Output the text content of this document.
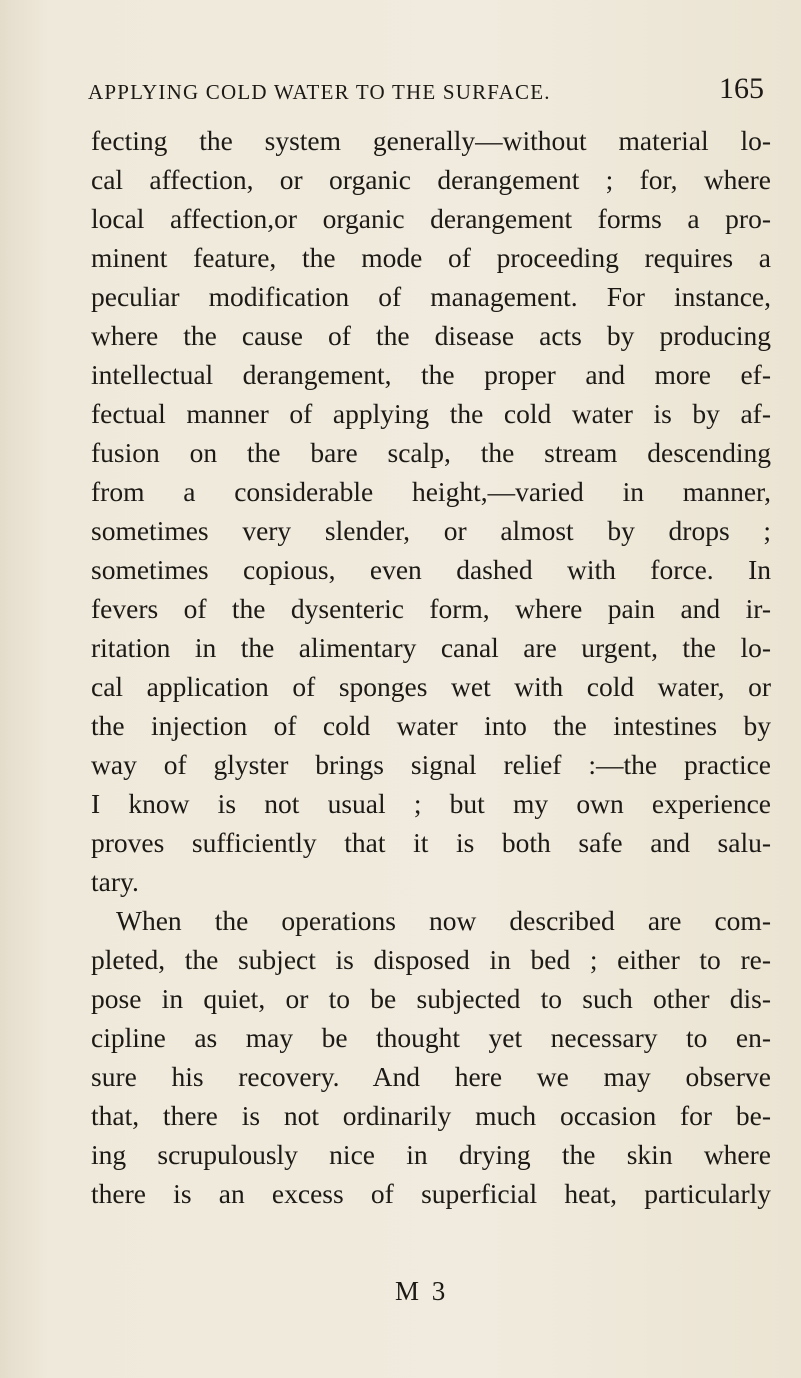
APPLYING COLD WATER TO THE SURFACE.	165
fecting the system generally—without material lo-
cal affection, or organic derangement ; for, where
local affection,or organic derangement forms a pro-
minent feature, the mode of proceeding requires a
peculiar modification of management. For instance,
where the cause of the disease acts by producing
intellectual derangement, the proper and more ef-
fectual manner of applying the cold water is by af-
fusion on the bare scalp, the stream descending
from a considerable height,—varied in manner,
sometimes very slender, or almost by drops ;
sometimes copious, even dashed with force. In
fevers of the dysenteric form, where pain and ir-
ritation in the alimentary canal are urgent, the lo-
cal application of sponges wet with cold water, or
the injection of cold water into the intestines by
way of glyster brings signal relief :—the practice
I know is not usual ; but my own experience
proves sufficiently that it is both safe and salu-
tary.
When the operations now described are com-
pleted, the subject is disposed in bed ; either to re-
pose in quiet, or to be subjected to such other dis-
cipline as may be thought yet necessary to en-
sure his recovery. And here we may observe
that, there is not ordinarily much occasion for be-
ing scrupulously nice in drying the skin where
there is an excess of superficial heat, particularly
M 3
